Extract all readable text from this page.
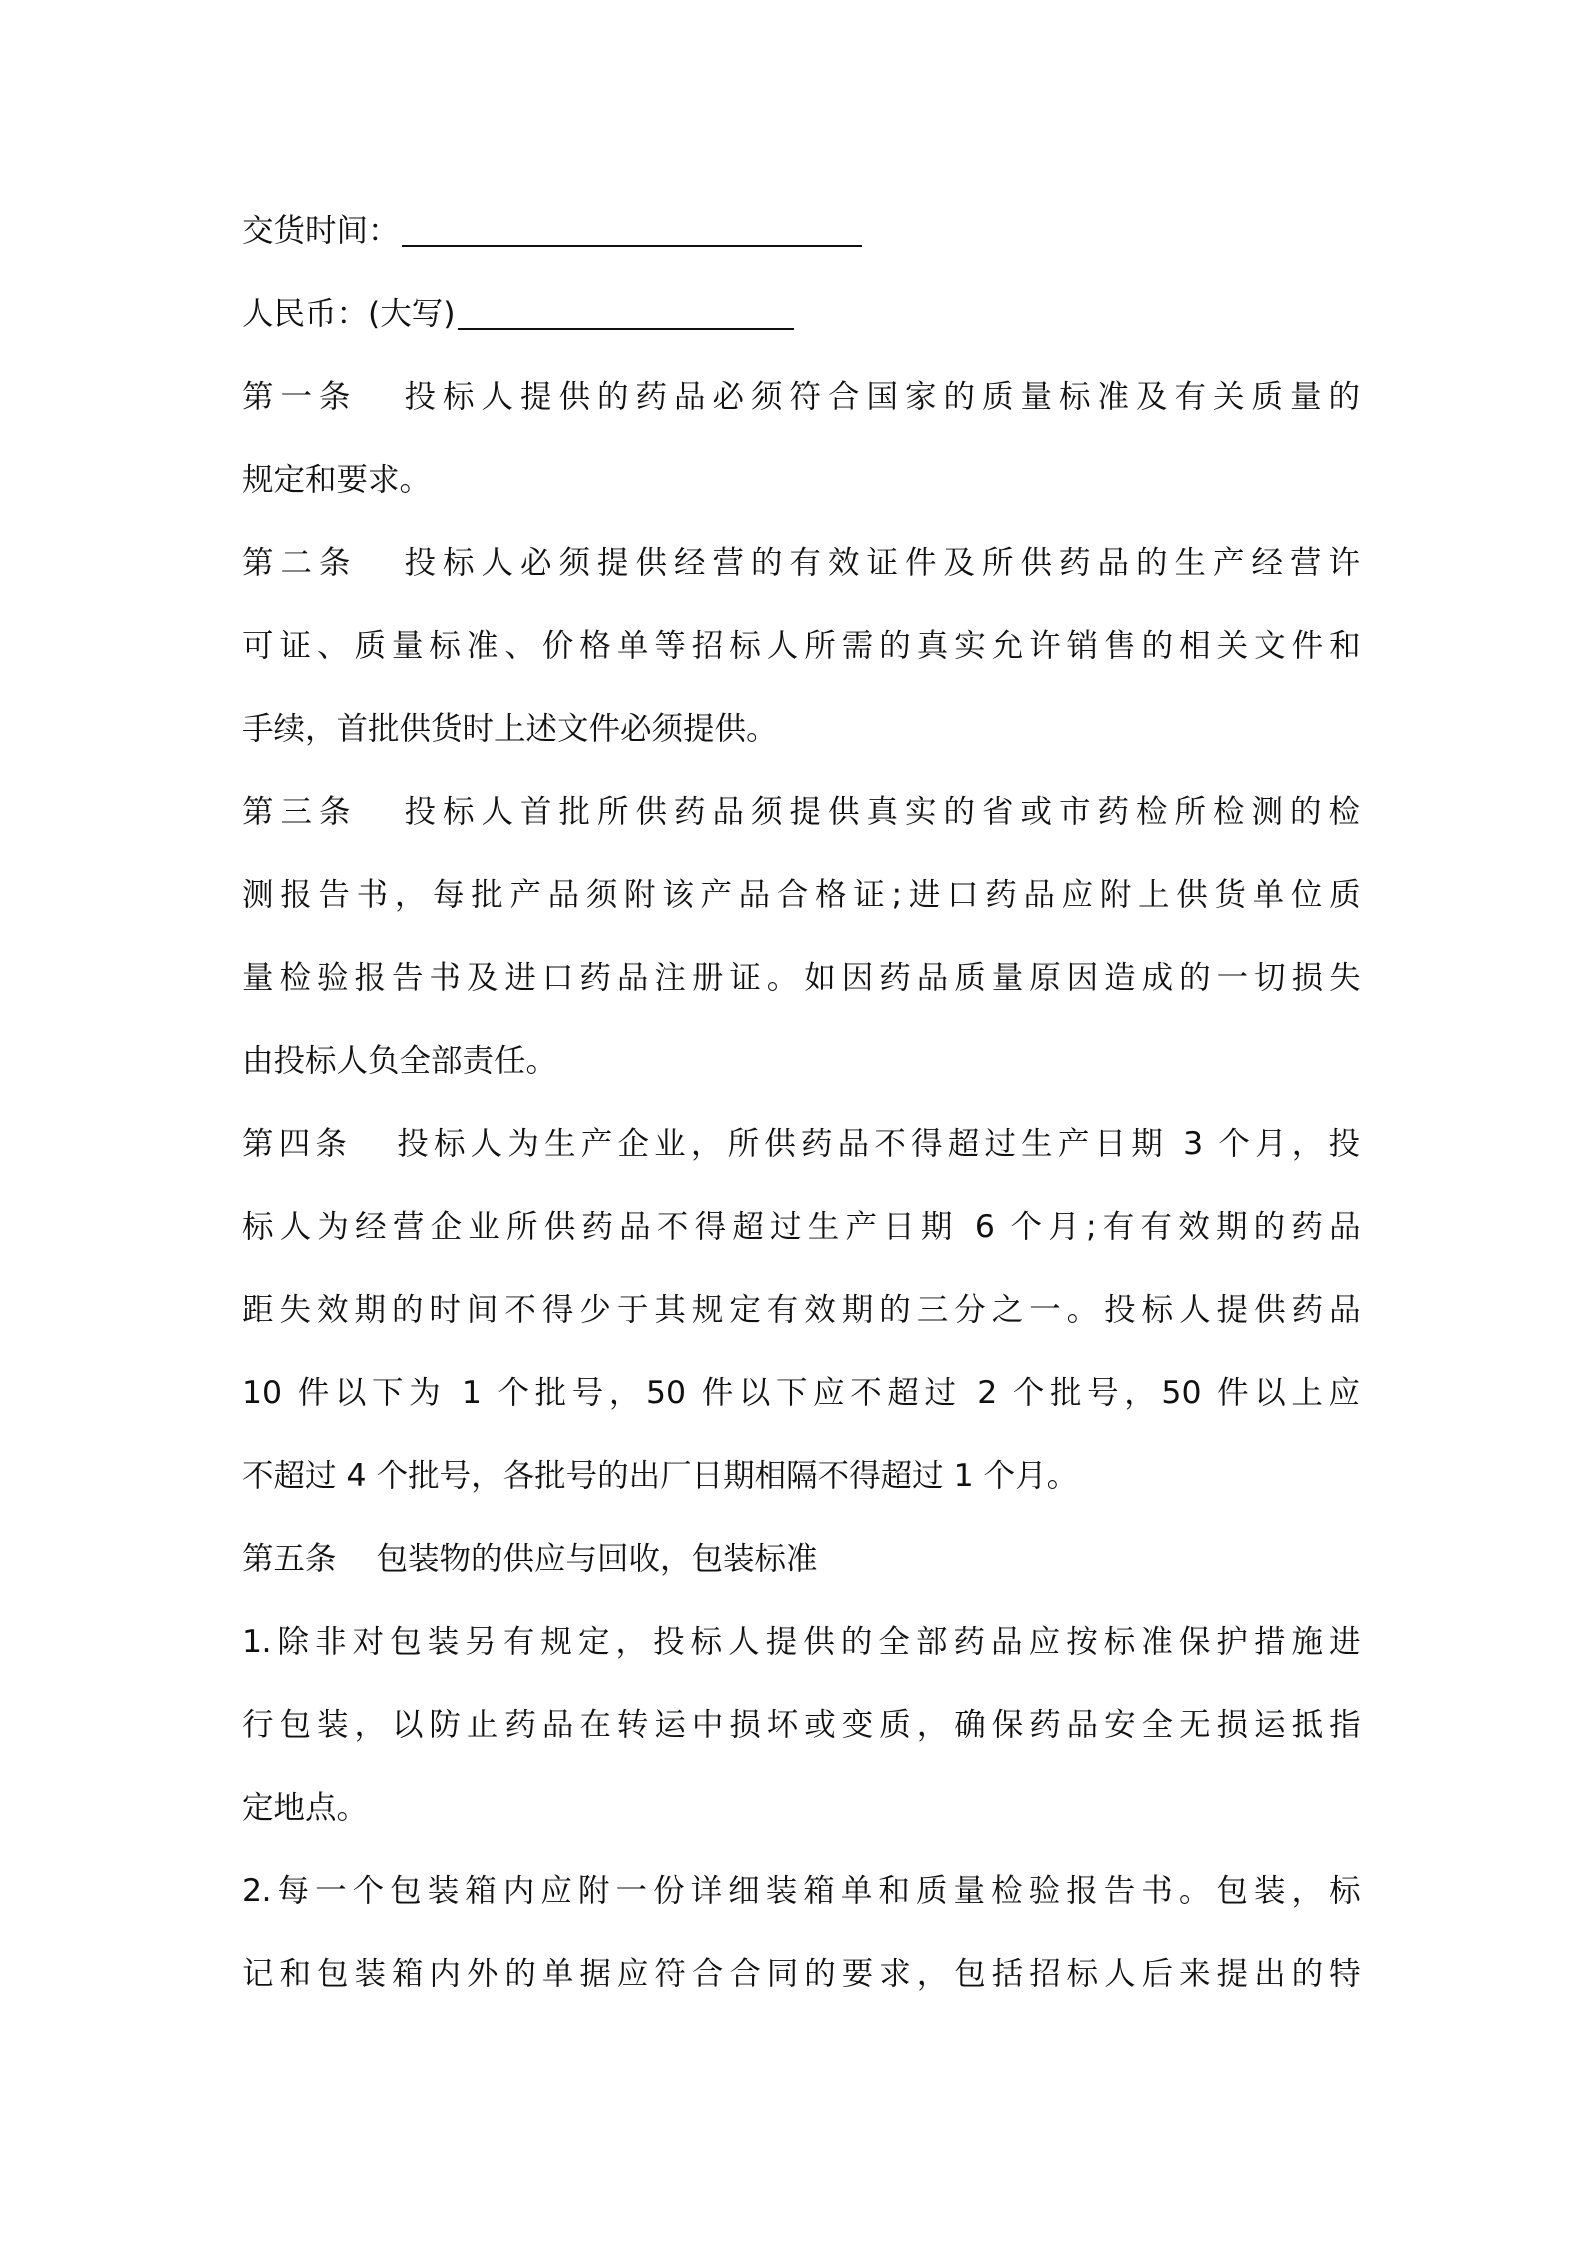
交货时间：
人民币：(大写)
第一条 投标人提供的药品必须符合国家的质量标准及有关质量的
规定和要求。
第二条 投标人必须提供经营的有效证件及所供药品的生产经营许
可证、质量标准、价格单等招标人所需的真实允许销售的相关文件和
手续，首批供货时上述文件必须提供。
第三条 投标人首批所供药品须提供真实的省或市药检所检测的检
测报告书，每批产品须附该产品合格证;进口药品应附上供货单位质
量检验报告书及进口药品注册证。如因药品质量原因造成的一切损失
由投标人负全部责任。
第四条 投标人为生产企业，所供药品不得超过生产日期 3 个月，投
标人为经营企业所供药品不得超过生产日期 6 个月;有有效期的药品
距失效期的时间不得少于其规定有效期的三分之一。投标人提供药品
10 件以下为 1 个批号，50 件以下应不超过 2 个批号，50 件以上应
不超过 4 个批号，各批号的出厂日期相隔不得超过 1 个月。
第五条 包装物的供应与回收，包装标准
1.除非对包装另有规定，投标人提供的全部药品应按标准保护措施进
行包装，以防止药品在转运中损坏或变质，确保药品安全无损运抵指
定地点。
2.每一个包装箱内应附一份详细装箱单和质量检验报告书。包装，标
记和包装箱内外的单据应符合合同的要求，包括招标人后来提出的特
